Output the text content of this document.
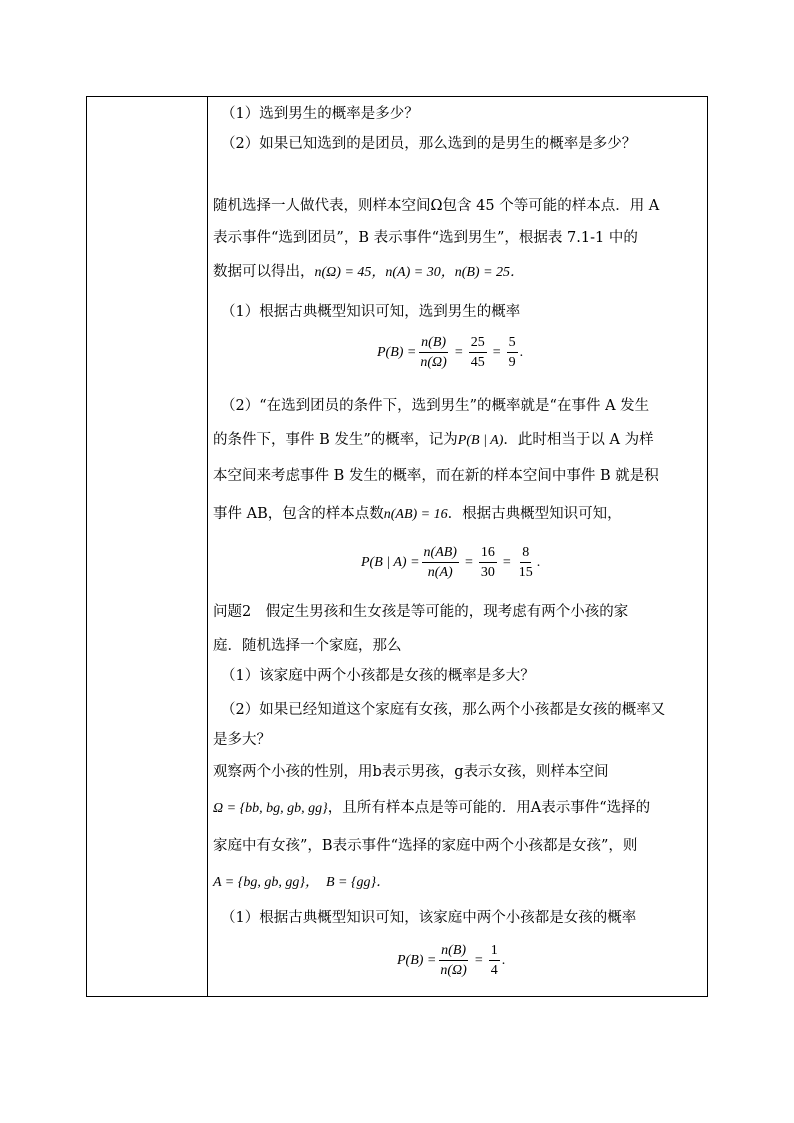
（1）选到男生的概率是多少？
（2）如果已知选到的是团员，那么选到的是男生的概率是多少？
随机选择一人做代表，则样本空间Ω包含 45 个等可能的样本点．用 A
表示事件“选到团员”，B 表示事件“选到男生”，根据表 7.1-1 中的
数据可以得出，n(Ω) = 45，n(A) = 30，n(B) = 25．
（1）根据古典概型知识可知，选到男生的概率
$P(B) = \frac{n(B)}{n(\Omega)} = \frac{25}{45} = \frac{5}{9}$ .
（2）“在选到团员的条件下，选到男生”的概率就是“在事件 A 发生
的条件下，事件 B 发生”的概率，记为P(B | A)．此时相当于以 A 为样
本空间来考虑事件 B 发生的概率，而在新的样本空间中事件 B 就是积
事件 AB，包含的样本点数n(AB) = 16．根据古典概型知识可知，
P(B | $A) = \frac{n(AB)}{n(A)} = \frac{16}{30} = \frac{8}{15}$ .
问题2　假定生男孩和生女孩是等可能的，现考虑有两个小孩的家
庭．随机选择一个家庭，那么
（1）该家庭中两个小孩都是女孩的概率是多大？
（2）如果已经知道这个家庭有女孩，那么两个小孩都是女孩的概率又
是多大？
观察两个小孩的性别，用b表示男孩，g表示女孩，则样本空间
Ω = {bb, bg, gb, gg}，且所有样本点是等可能的．用A表示事件“选择的
家庭中有女孩”，B表示事件“选择的家庭中两个小孩都是女孩”，则
A = {bg, gb, gg}，　B = {gg}．
（1）根据古典概型知识可知，该家庭中两个小孩都是女孩的概率
$P(B) = \frac{n(B)}{n(\Omega)} = \frac{1}{4}$ .
